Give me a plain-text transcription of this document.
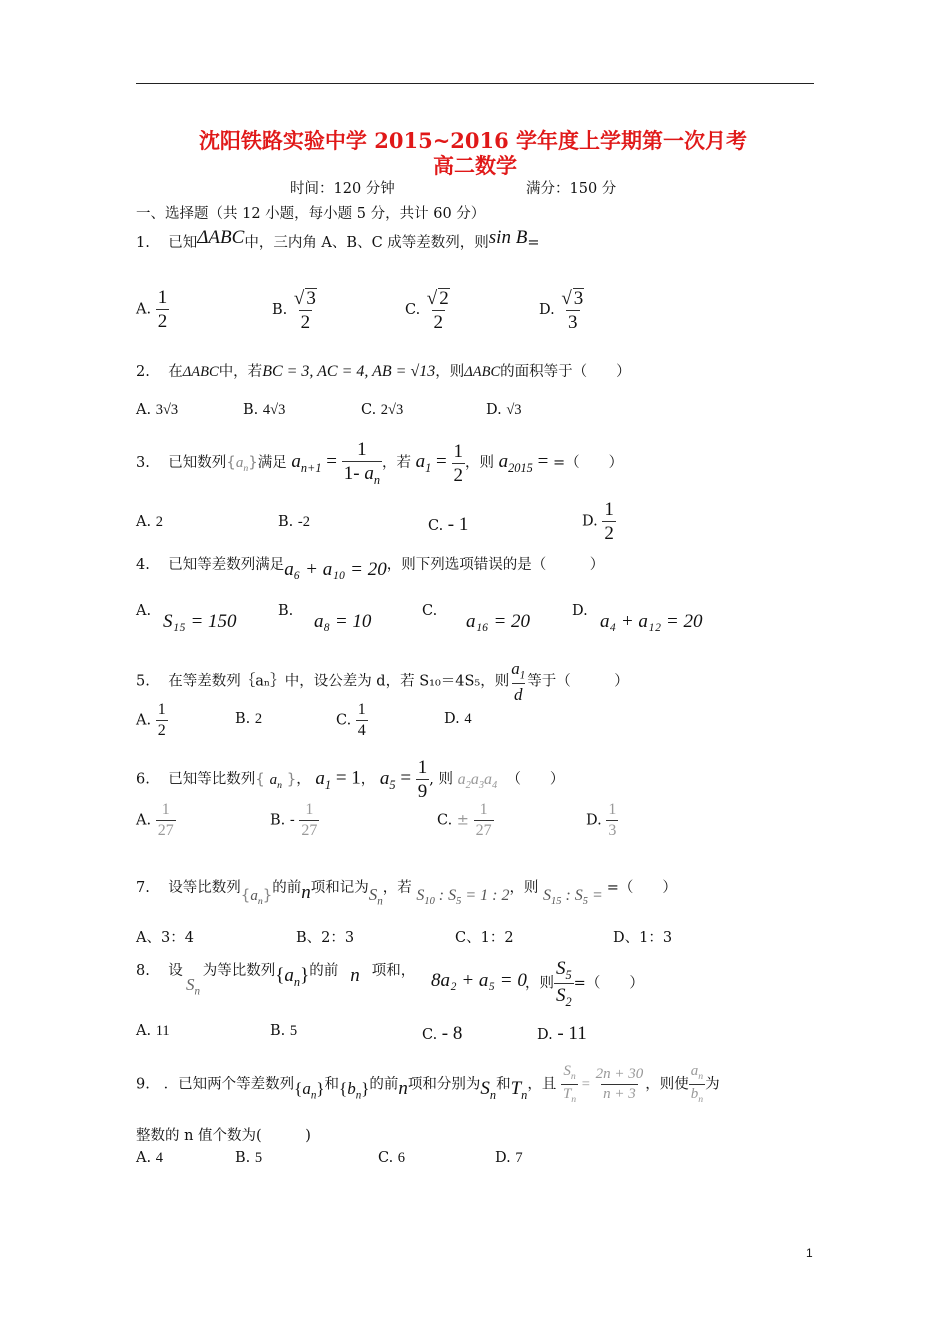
沈阳铁路实验中学 2015~2016 学年度上学期第一次月考
高二数学
时间：120 分钟	满分：150 分
一、选择题（共 12 小题，每小题 5 分，共计 60 分）
1. 已知ΔABC中，三内角 A、B、C 成等差数列，则sin B=
A. $\frac{1}{2}$	B. $\frac{√ 3}{2}$	C. $\frac{√ 2}{2}$	D. $\frac{√ 3}{3}$
2. 在ΔABC中，若BC = 3, AC = 4, AB = √13，则ΔABC的面积等于（　　）
A. 3√3	B. 4√3	C. 2√3	D. √3
3. 已知数列$\{a_n\}$满足 $a_{n+1} = \frac{1}{1- a_n}$ ，若 $a_1 = \frac{1}{2}$ ，则 $a_{2015}$ = =（　　）
A. 2	B. -2	C. - 1	D. $\frac{1}{2}$
4. 已知等差数列满足a₆ + a₁₀ = 20，则下列选项错误的是（　　　）
A. S₁₅ = 150	B. a₈ = 10	C. a₁₆ = 20	D. a₄ + a₁₂ = 20
5. 在等差数列｛aₙ｝中，设公差为 d，若 S₁₀＝4S₅，则 $\frac{a_1}{d}$ 等于（　　　）
A. $\frac{1}{2}$	B. 2	C. $\frac{1}{4}$	D. 4
6. 已知等比数列{ $a_n$ }， $a_1 = 1$， $a_5 = \frac{1}{9}$ , 则 $a_2a_3a_4$ （　　）
A. $\frac{1}{27}$	B. - $\frac{1}{27}$	C. ± $\frac{1}{27}$	D. $\frac{1}{3}$
7. 设等比数列$\{a_n\}$的前n项和记为$S_n$，若 $S_{10}$ : $S_5 = 1$ : 2，则 $S_{15}$ : $S_5$ = =（　　）
A、3：4	B、2：3	C、1：2	D、1：3
8. 设 为等比数列$\{a_n\}$的前 n 项和，
$S_n$
8a₂ + a₅ = 0
，则 $\frac{S_5}{S_2}$ =（　　）
A. 11	B. 5	C. - 8	D. - 11
9. ．已知两个等差数列$\{a_n\}$和$\{b_n\}$的前n项和分别为$S_n$和$T_n$，且 $\frac{S_n}{T_n} = \frac{2n + 30}{n + 3}$ ，则使 $\frac{a_n}{b_n}$ 为
整数的 n 值个数为(　　　)
A. 4	B. 5	C. 6	D. 7
1
